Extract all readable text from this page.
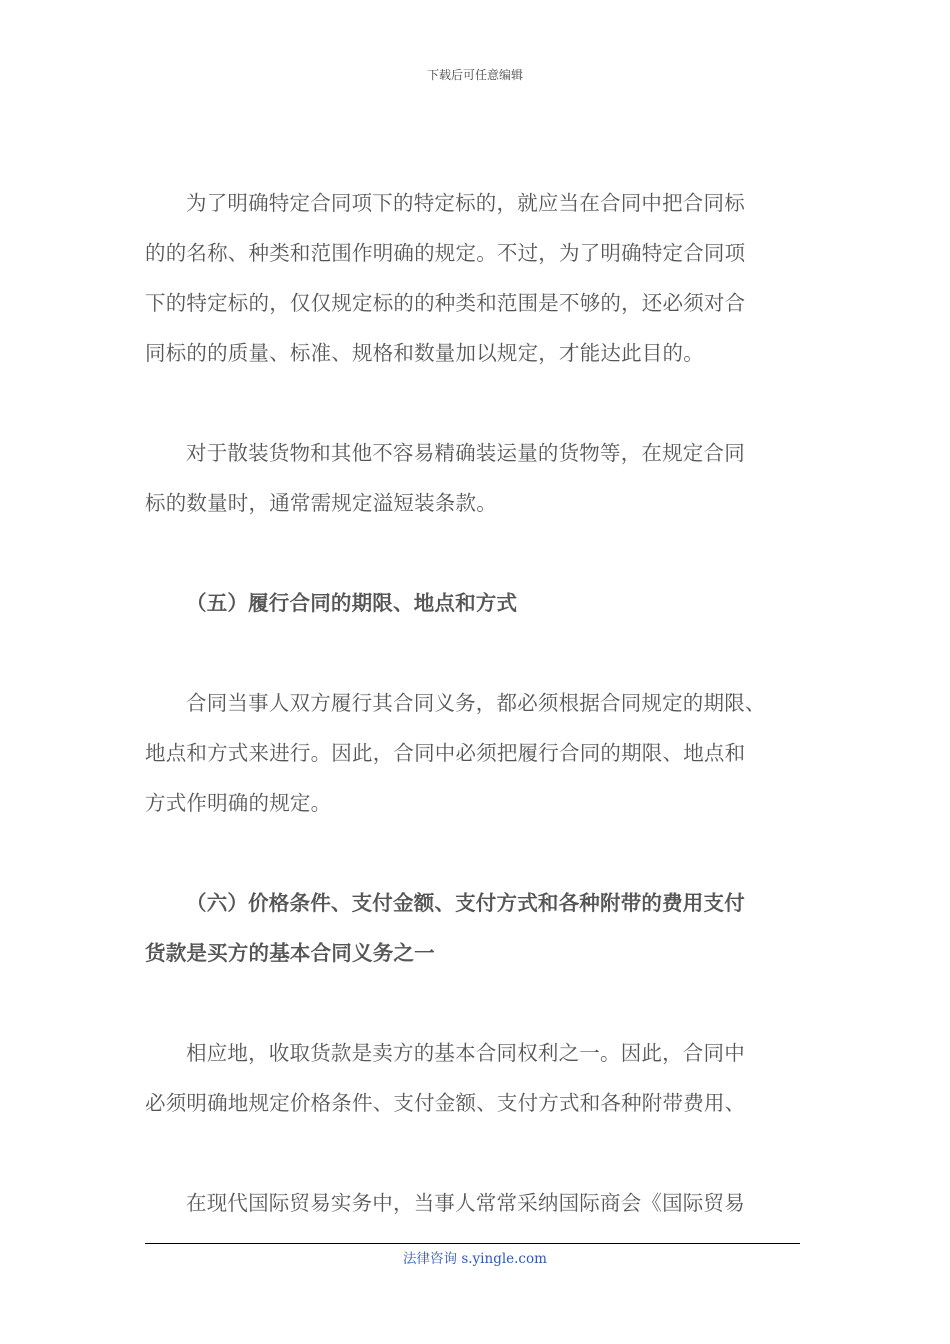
下载后可任意编辑

为了明确特定合同项下的特定标的，就应当在合同中把合同标
的的名称、种类和范围作明确的规定。不过，为了明确特定合同项
下的特定标的，仅仅规定标的的种类和范围是不够的，还必须对合
同标的的质量、标准、规格和数量加以规定，才能达此目的。

对于散装货物和其他不容易精确装运量的货物等，在规定合同
标的数量时，通常需规定溢短装条款。

（五）履行合同的期限、地点和方式

合同当事人双方履行其合同义务，都必须根据合同规定的期限、
地点和方式来进行。因此，合同中必须把履行合同的期限、地点和
方式作明确的规定。

（六）价格条件、支付金额、支付方式和各种附带的费用支付
货款是买方的基本合同义务之一

相应地，收取货款是卖方的基本合同权利之一。因此，合同中
必须明确地规定价格条件、支付金额、支付方式和各种附带费用、

在现代国际贸易实务中，当事人常常采纳国际商会《国际贸易

法律咨询 s.yingle.com
